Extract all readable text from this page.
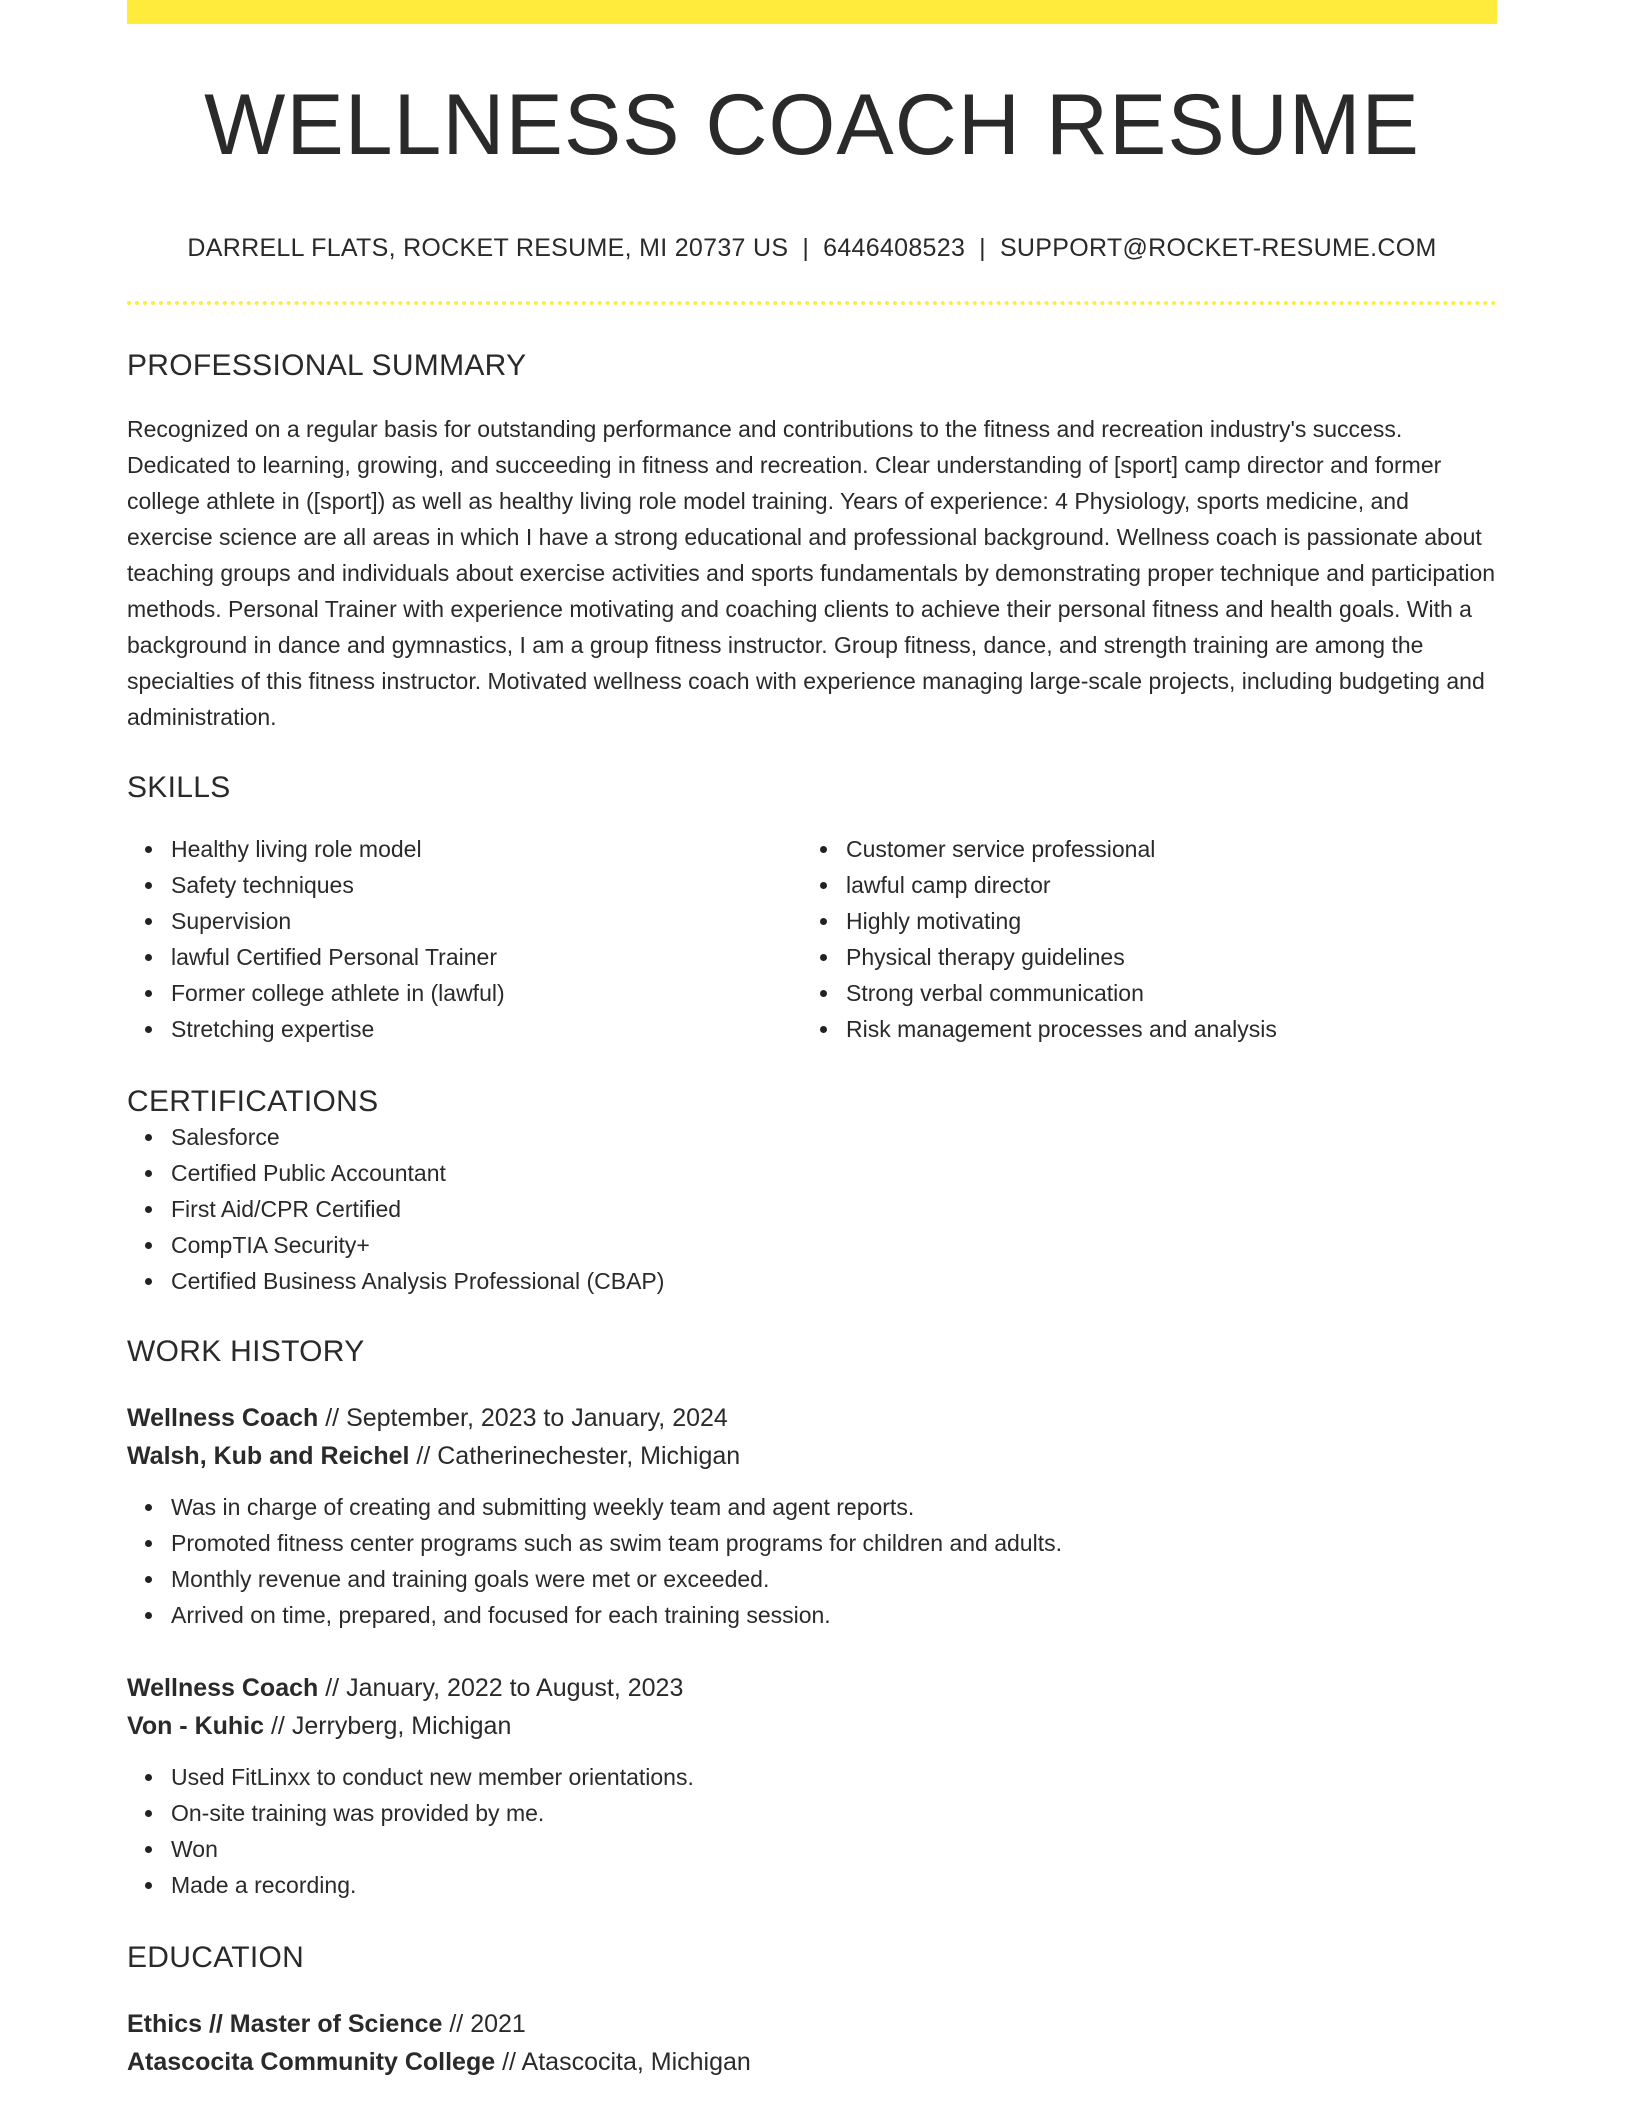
WELLNESS COACH RESUME
DARRELL FLATS, ROCKET RESUME, MI 20737 US | 6446408523 | SUPPORT@ROCKET-RESUME.COM
PROFESSIONAL SUMMARY
Recognized on a regular basis for outstanding performance and contributions to the fitness and recreation industry's success. Dedicated to learning, growing, and succeeding in fitness and recreation. Clear understanding of [sport] camp director and former college athlete in ([sport]) as well as healthy living role model training. Years of experience: 4 Physiology, sports medicine, and exercise science are all areas in which I have a strong educational and professional background. Wellness coach is passionate about teaching groups and individuals about exercise activities and sports fundamentals by demonstrating proper technique and participation methods. Personal Trainer with experience motivating and coaching clients to achieve their personal fitness and health goals. With a background in dance and gymnastics, I am a group fitness instructor. Group fitness, dance, and strength training are among the specialties of this fitness instructor. Motivated wellness coach with experience managing large-scale projects, including budgeting and administration.
SKILLS
Healthy living role model
Safety techniques
Supervision
lawful Certified Personal Trainer
Former college athlete in (lawful)
Stretching expertise
Customer service professional
lawful camp director
Highly motivating
Physical therapy guidelines
Strong verbal communication
Risk management processes and analysis
CERTIFICATIONS
Salesforce
Certified Public Accountant
First Aid/CPR Certified
CompTIA Security+
Certified Business Analysis Professional (CBAP)
WORK HISTORY
Wellness Coach // September, 2023 to January, 2024
Walsh, Kub and Reichel // Catherinechester, Michigan
Was in charge of creating and submitting weekly team and agent reports.
Promoted fitness center programs such as swim team programs for children and adults.
Monthly revenue and training goals were met or exceeded.
Arrived on time, prepared, and focused for each training session.
Wellness Coach // January, 2022 to August, 2023
Von - Kuhic // Jerryberg, Michigan
Used FitLinxx to conduct new member orientations.
On-site training was provided by me.
Won
Made a recording.
EDUCATION
Ethics // Master of Science // 2021
Atascocita Community College // Atascocita, Michigan
